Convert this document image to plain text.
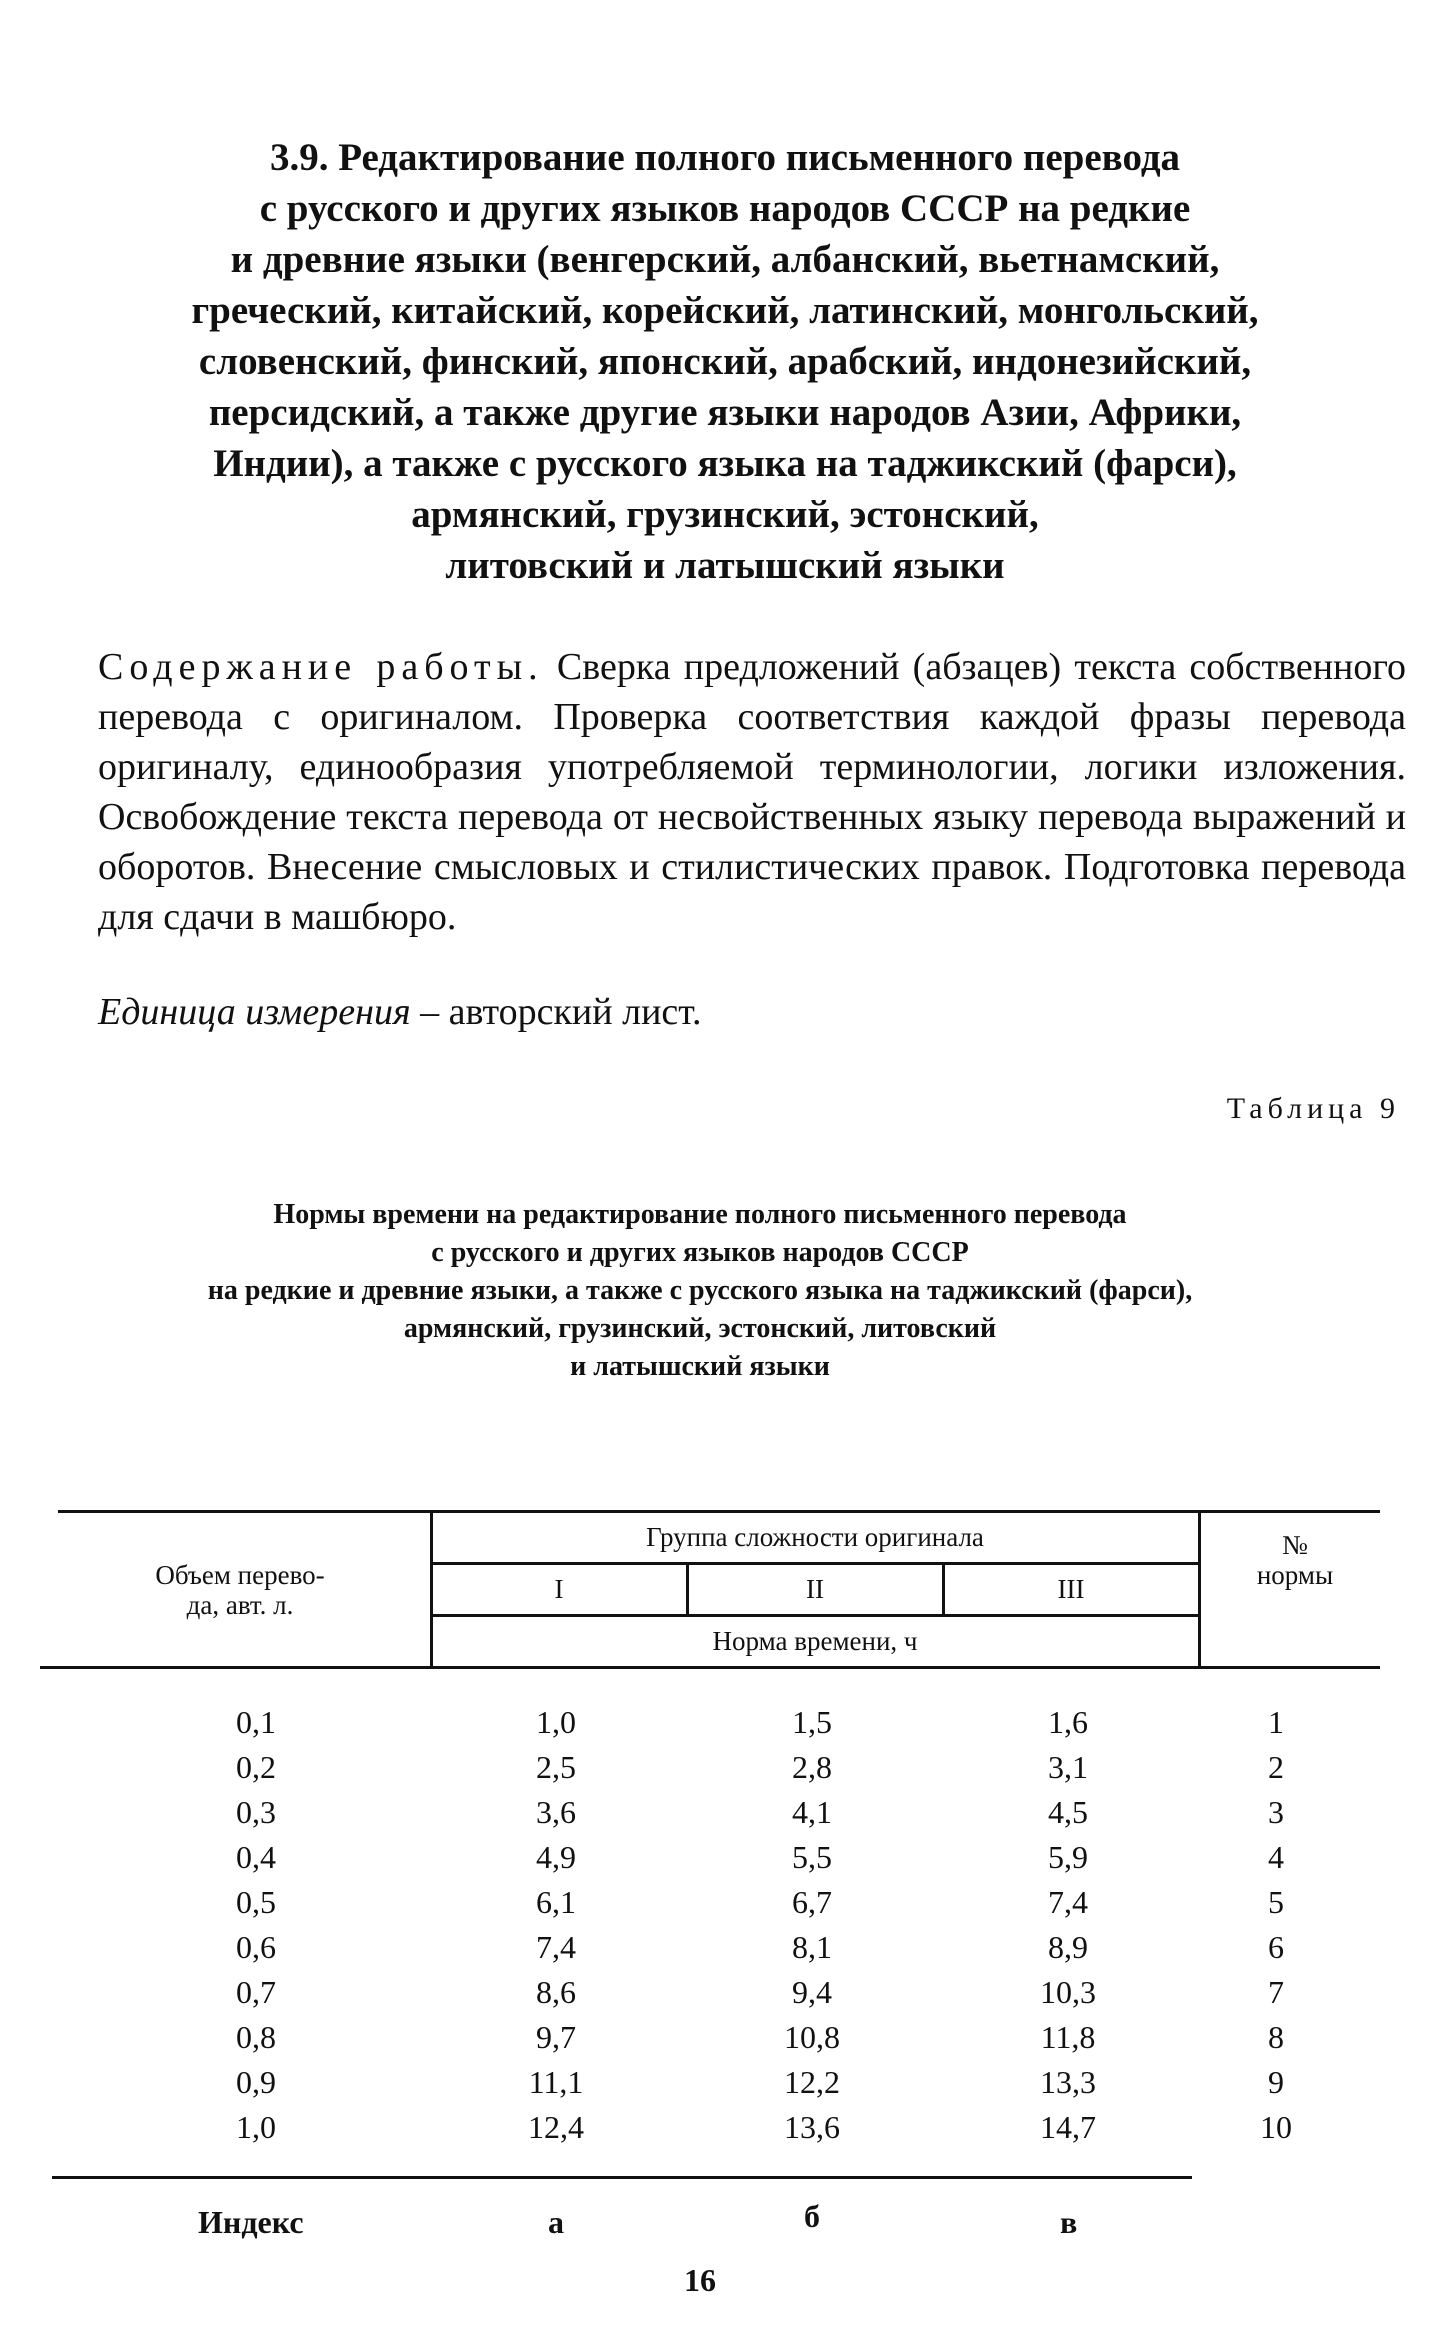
3.9. Редактирование полного письменного перевода
с русского и других языков народов СССР на редкие
и древние языки (венгерский, албанский, вьетнамский,
греческий, китайский, корейский, латинский, монгольский,
словенский, финский, японский, арабский, индонезийский,
персидский, а также другие языки народов Азии, Африки,
Индии), а также с русского языка на таджикский (фарси),
армянский, грузинский, эстонский,
литовский и латышский языки
Содержание работы. Сверка предложений (абзацев) текста собственного перевода с оригиналом. Проверка соответствия каждой фразы перевода оригиналу, единообразия употребляемой терминологии, логики изложения. Освобождение текста перевода от несвойственных языку перевода выражений и оборотов. Внесение смысловых и стилистических правок. Подготовка перевода для сдачи в машбюро.
Единица измерения – авторский лист.
Таблица 9
Нормы времени на редактирование полного письменного перевода
с русского и других языков народов СССР
на редкие и древние языки, а также с русского языка на таджикский (фарси),
армянский, грузинский, эстонский, литовский
и латышский языки
Объем перево-
да, авт. л.
Группа сложности оригинала
I	II	III
Норма времени, ч
№
нормы
0,1	1,0	1,5	1,6	1
0,2	2,5	2,8	3,1	2
0,3	3,6	4,1	4,5	3
0,4	4,9	5,5	5,9	4
0,5	6,1	6,7	7,4	5
0,6	7,4	8,1	8,9	6
0,7	8,6	9,4	10,3	7
0,8	9,7	10,8	11,8	8
0,9	11,1	12,2	13,3	9
1,0	12,4	13,6	14,7	10
Индекс	а	б	в
16
